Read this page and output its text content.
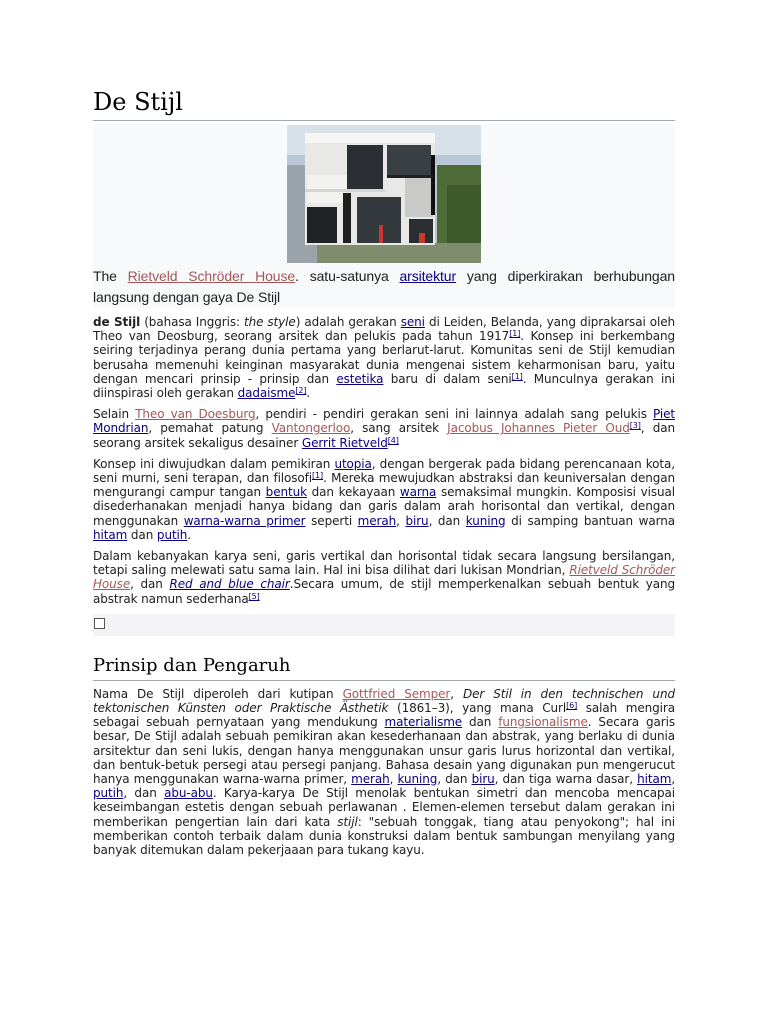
De Stijl

The Rietveld Schröder House. satu-satunya arsitektur yang diperkirakan berhubungan langsung dengan gaya De Stijl

de Stijl (bahasa Inggris: the style) adalah gerakan seni di Leiden, Belanda, yang diprakarsai oleh Theo van Deosburg, seorang arsitek dan pelukis pada tahun 1917[1]. Konsep ini berkembang seiring terjadinya perang dunia pertama yang berlarut-larut. Komunitas seni de Stijl kemudian berusaha memenuhi keinginan masyarakat dunia mengenai sistem keharmonisan baru, yaitu dengan mencari prinsip - prinsip dan estetika baru di dalam seni[1]. Munculnya gerakan ini diinspirasi oleh gerakan dadaisme[2].

Selain Theo van Doesburg, pendiri - pendiri gerakan seni ini lainnya adalah sang pelukis Piet Mondrian, pemahat patung Vantongerloo, sang arsitek Jacobus Johannes Pieter Oud[3], dan seorang arsitek sekaligus desainer Gerrit Rietveld[4]

Konsep ini diwujudkan dalam pemikiran utopia, dengan bergerak pada bidang perencanaan kota, seni murni, seni terapan, dan filosofi[1]. Mereka mewujudkan abstraksi dan keuniversalan dengan mengurangi campur tangan bentuk dan kekayaan warna semaksimal mungkin. Komposisi visual disederhanakan menjadi hanya bidang dan garis dalam arah horisontal dan vertikal, dengan menggunakan warna-warna primer seperti merah, biru, dan kuning di samping bantuan warna hitam dan putih.

Dalam kebanyakan karya seni, garis vertikal dan horisontal tidak secara langsung bersilangan, tetapi saling melewati satu sama lain. Hal ini bisa dilihat dari lukisan Mondrian, Rietveld Schröder House, dan Red and blue chair.Secara umum, de stijl memperkenalkan sebuah bentuk yang abstrak namun sederhana[5]

Prinsip dan Pengaruh

Nama De Stijl diperoleh dari kutipan Gottfried Semper, Der Stil in den technischen und tektonischen Künsten oder Praktische Ästhetik (1861–3), yang mana Curl[6] salah mengira sebagai sebuah pernyataan yang mendukung materialisme dan fungsionalisme. Secara garis besar, De Stijl adalah sebuah pemikiran akan kesederhanaan dan abstrak, yang berlaku di dunia arsitektur dan seni lukis, dengan hanya menggunakan unsur garis lurus horizontal dan vertikal, dan bentuk-betuk persegi atau persegi panjang. Bahasa desain yang digunakan pun mengerucut hanya menggunakan warna-warna primer, merah, kuning, dan biru, dan tiga warna dasar, hitam, putih, dan abu-abu. Karya-karya De Stijl menolak bentukan simetri dan mencoba mencapai keseimbangan estetis dengan sebuah perlawanan . Elemen-elemen tersebut dalam gerakan ini memberikan pengertian lain dari kata stijl: "sebuah tonggak, tiang atau penyokong"; hal ini memberikan contoh terbaik dalam dunia konstruksi dalam bentuk sambungan menyilang yang banyak ditemukan dalam pekerjaaan para tukang kayu.
